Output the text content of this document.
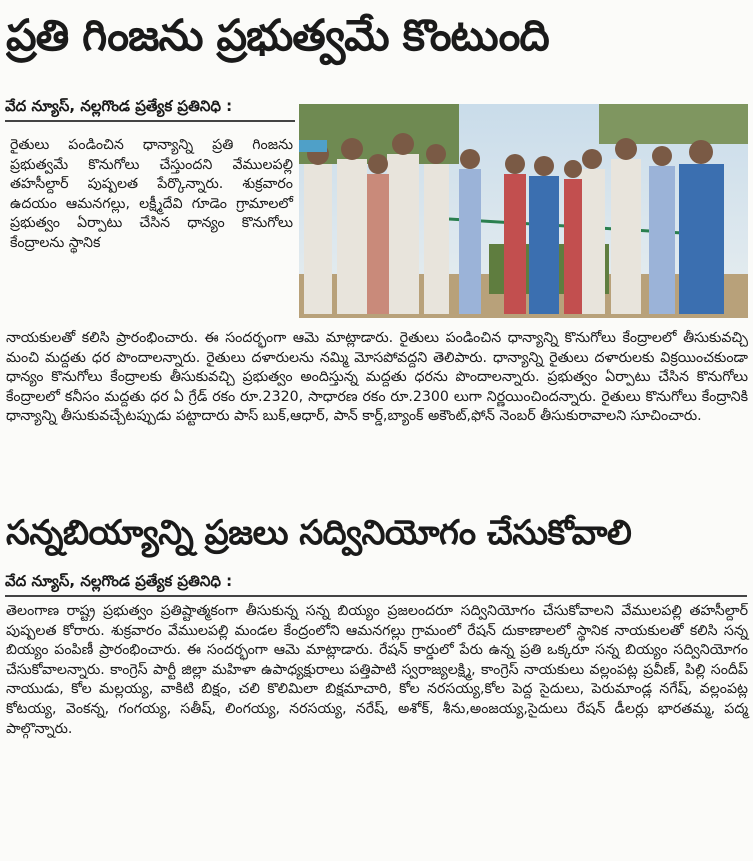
ప్రతి గింజను ప్రభుత్వమే కొంటుంది
వేద న్యూస్, నల్లగొండ ప్రత్యేక ప్రతినిధి :

రైతులు పండించిన ధాన్యాన్ని ప్రతి గింజను ప్రభుత్వమే కొనుగోలు చేస్తుందని వేములపల్లి తహసీల్దార్ పుష్పలత పేర్కొన్నారు. శుక్రవారం ఉదయం ఆమనగల్లు, లక్ష్మీదేవి గూడెం గ్రామాలలో ప్రభుత్వం ఏర్పాటు చేసిన ధాన్యం కొనుగోలు కేంద్రాలను స్థానిక

నాయకులతో కలిసి ప్రారంభించారు. ఈ సందర్భంగా ఆమె మాట్లాడారు. రైతులు పండించిన ధాన్యాన్ని కొనుగోలు కేంద్రాలలో తీసుకువచ్చి మంచి మద్దతు ధర పొందాలన్నారు. రైతులు దళారులను నమ్మి మోసపోవద్దని తెలిపారు. ధాన్యాన్ని రైతులు దళారులకు విక్రయించకుండా ధాన్యం కొనుగోలు కేంద్రాలకు తీసుకువచ్చి ప్రభుత్వం అందిస్తున్న మద్దతు ధరను పొందాలన్నారు. ప్రభుత్వం ఏర్పాటు చేసిన కొనుగోలు కేంద్రాలలో కనీసం మద్దతు ధర ఏ గ్రేడ్ రకం రూ.2320, సాధారణ రకం రూ.2300 లుగా నిర్ణయించిందన్నారు. రైతులు కొనుగోలు కేంద్రానికి ధాన్యాన్ని తీసుకువచ్చేటప్పుడు పట్టాదారు పాస్ బుక్,ఆధార్, పాన్ కార్డ్,బ్యాంక్ అకౌంట్,ఫోన్ నెంబర్ తీసుకురావాలని సూచించారు.

సన్నబియ్యాన్ని ప్రజలు సద్వినియోగం చేసుకోవాలి
వేద న్యూస్, నల్లగొండ ప్రత్యేక ప్రతినిధి :

తెలంగాణ రాష్ట్ర ప్రభుత్వం ప్రతిష్టాత్మకంగా తీసుకున్న సన్న బియ్యం ప్రజలందరూ సద్వినియోగం చేసుకోవాలని వేములపల్లి తహసీల్దార్ పుష్పలత కోరారు. శుక్రవారం వేములపల్లి మండల కేంద్రంలోని ఆమనగల్లు గ్రామంలో రేషన్ దుకాణాలలో స్థానిక నాయకులతో కలిసి సన్న బియ్యం పంపిణీ ప్రారంభించారు. ఈ సందర్భంగా ఆమె మాట్లాడారు. రేషన్ కార్డులో పేరు ఉన్న ప్రతి ఒక్కరూ సన్న బియ్యం సద్వినియోగం చేసుకోవాలన్నారు. కాంగ్రెస్ పార్టీ జిల్లా మహిళా ఉపాధ్యక్షురాలు పత్తిపాటి స్వరాజ్యలక్ష్మి, కాంగ్రెస్ నాయకులు వల్లంపట్ల ప్రవీణ్, పిల్లి సందీప్ నాయుడు, కోల మల్లయ్య, వాకిటి బిక్షం, చలి కొలిమిలా బిక్షమాచారి, కోల నరసయ్య,కోల పెద్ద సైదులు, పెరుమాండ్ల నగేష్, వల్లంపట్ల కోటయ్య, వెంకన్న, గంగయ్య, సతీష్, లింగయ్య, నరసయ్య, నరేష్, అశోక్, శీను,అంజయ్య,సైదులు రేషన్ డీలర్లు భారతమ్మ, పద్మ పాల్గొన్నారు.
